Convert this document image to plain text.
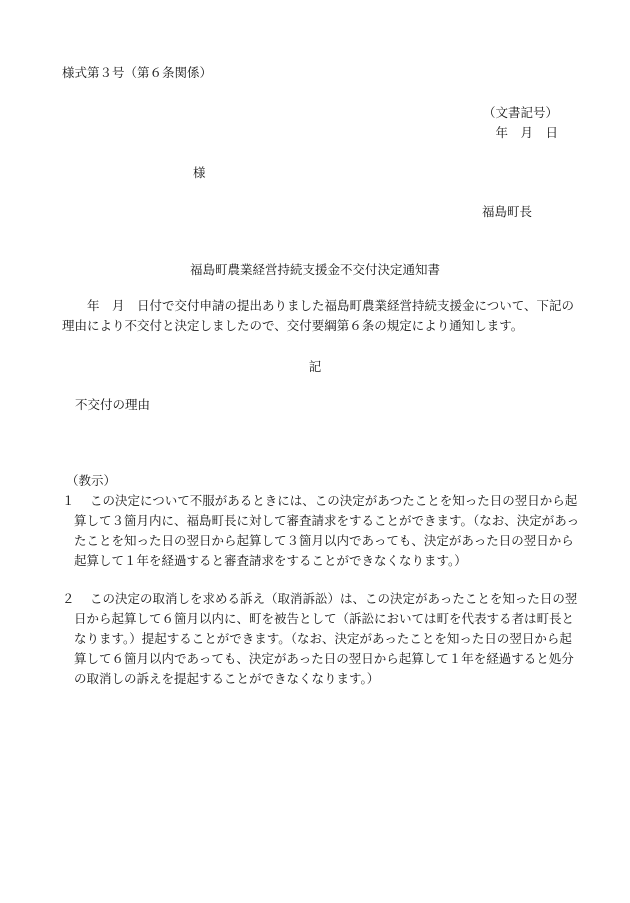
様式第３号（第６条関係）
（文書記号）
年　月　日
様
福島町長
福島町農業経営持続支援金不交付決定通知書
年　月　日付で交付申請の提出ありました福島町農業経営持続支援金について、下記の理由により不交付と決定しましたので、交付要綱第６条の規定により通知します。
記
不交付の理由
（教示）
１	この決定について不服があるときには、この決定があつたことを知った日の翌日から起算して３箇月内に、福島町長に対して審査請求をすることができます。（なお、決定があったことを知った日の翌日から起算して３箇月以内であっても、決定があった日の翌日から起算して１年を経過すると審査請求をすることができなくなります。）
２	この決定の取消しを求める訴え（取消訴訟）は、この決定があったことを知った日の翌日から起算して６箇月以内に、町を被告として（訴訟においては町を代表する者は町長となります。）提起することができます。（なお、決定があったことを知った日の翌日から起算して６箇月以内であっても、決定があった日の翌日から起算して１年を経過すると処分の取消しの訴えを提起することができなくなります。）
